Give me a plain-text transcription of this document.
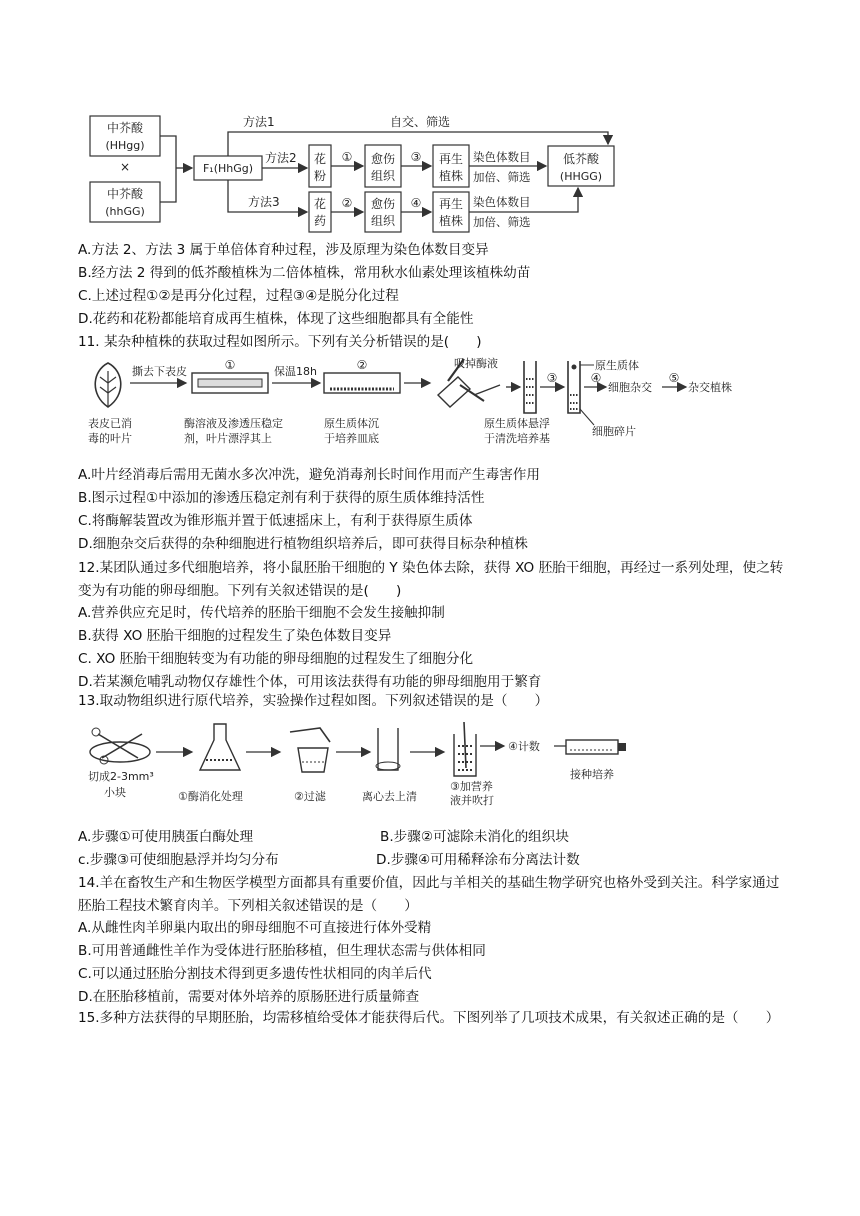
中芥酸
(HHgg)
×
中芥酸
(hhGG)
F₁(HhGg)
方法1	自交、筛选
方法2 花
粉
① 愈伤
组织
③ 再生
植株
染色体数目
加倍、筛选
低芥酸
(HHGG)
方法3	花
药
② 愈伤
组织
④ 再生
植株
染色体数目
加倍、筛选
A.方法 2、方法 3 属于单倍体育种过程，涉及原理为染色体数目变异
B.经方法 2 得到的低芥酸植株为二倍体植株，常用秋水仙素处理该植株幼苗
C.上述过程①②是再分化过程，过程③④是脱分化过程
D.花药和花粉都能培育成再生植株，体现了这些细胞都具有全能性
11. 某杂种植株的获取过程如图所示。下列有关分析错误的是(　　)
表皮已消
毒的叶片
撕去下表皮	①
酶溶液及渗透压稳定
剂，叶片漂浮其上
保温18h	②
原生质体沉
于培养皿底
吸掉酶液
原生质体悬浮
于清洗培养基
③
原生质体
细胞碎片
④
细胞杂交
⑤
杂交植株
A.叶片经消毒后需用无菌水多次冲洗，避免消毒剂长时间作用而产生毒害作用
B.图示过程①中添加的渗透压稳定剂有利于获得的原生质体维持活性
C.将酶解装置改为锥形瓶并置于低速摇床上，有利于获得原生质体
D.细胞杂交后获得的杂种细胞进行植物组织培养后，即可获得目标杂种植株
12.某团队通过多代细胞培养，将小鼠胚胎干细胞的 Y 染色体去除，获得 XO 胚胎干细胞，再经过一系列处理，使之转变为有功能的卵母细胞。下列有关叙述错误的是(　　)
A.营养供应充足时，传代培养的胚胎干细胞不会发生接触抑制
B.获得 XO 胚胎干细胞的过程发生了染色体数目变异
C. XO 胚胎干细胞转变为有功能的卵母细胞的过程发生了细胞分化
D.若某濒危哺乳动物仅存雄性个体，可用该法获得有功能的卵母细胞用于繁育
13.取动物组织进行原代培养，实验操作过程如图。下列叙述错误的是（　　）
切成2-3mm³
小块	①酶消化处理	②过滤	离心去上清
③加营养
液并吹打
④计数
接种培养
A.步骤①可使用胰蛋白酶处理	B.步骤②可滤除未消化的组织块
c.步骤③可使细胞悬浮并均匀分布	D.步骤④可用稀释涂布分离法计数
14.羊在畜牧生产和生物医学模型方面都具有重要价值，因此与羊相关的基础生物学研究也格外受到关注。科学家通过胚胎工程技术繁育肉羊。下列相关叙述错误的是（　　）
A.从雌性肉羊卵巢内取出的卵母细胞不可直接进行体外受精
B.可用普通雌性羊作为受体进行胚胎移植，但生理状态需与供体相同
C.可以通过胚胎分割技术得到更多遗传性状相同的肉羊后代
D.在胚胎移植前，需要对体外培养的原肠胚进行质量筛查
15.多种方法获得的早期胚胎，均需移植给受体才能获得后代。下图列举了几项技术成果，有关叙述正确的是（　　）
